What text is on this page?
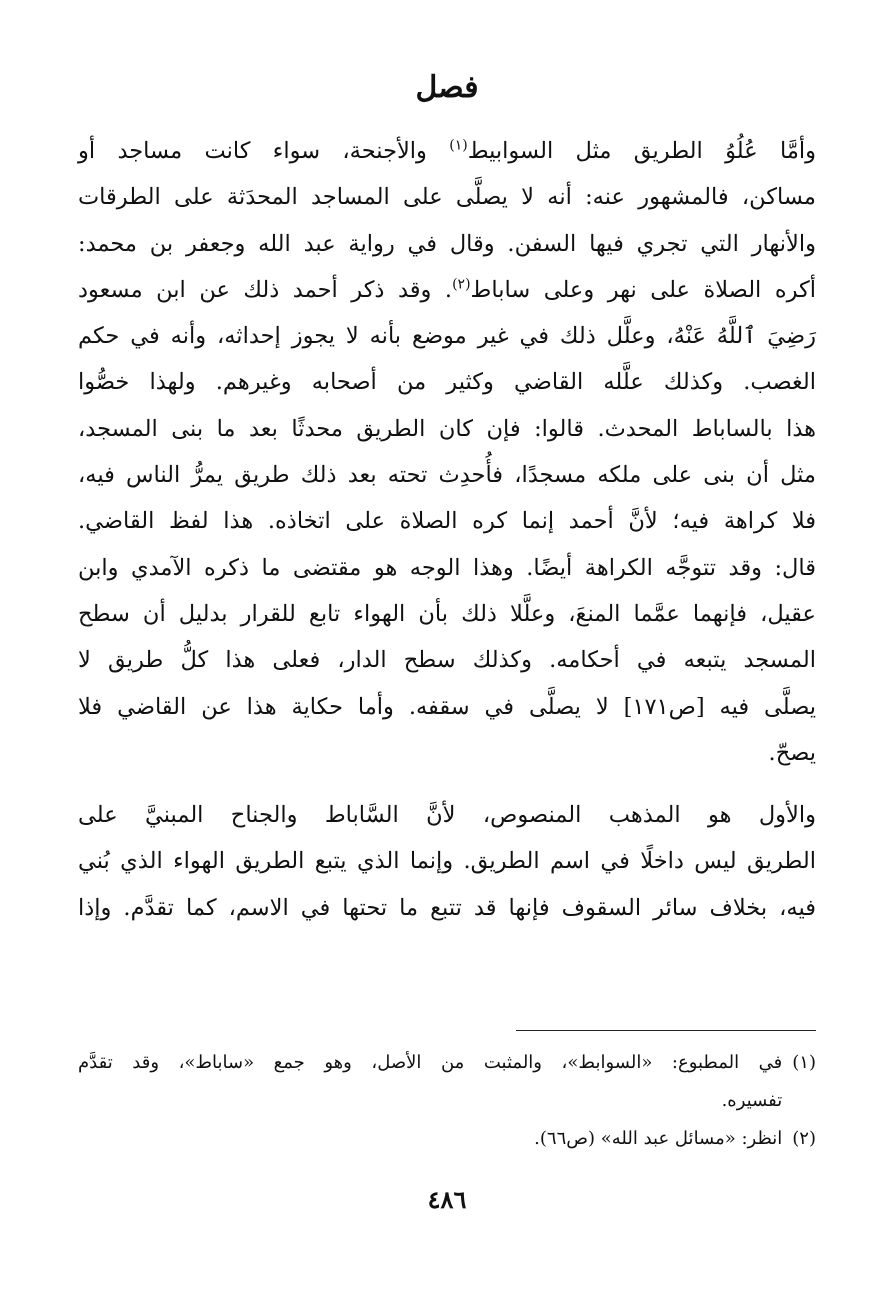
فصل
وأمَّا عُلُوُ الطريق مثل السوابيط$^{(١)}$ والأجنحة، سواء كانت مساجد أو
مساكن، فالمشهور عنه: أنه لا يصلَّى على المساجد المحدَثة على الطرقات
والأنهار التي تجري فيها السفن. وقال في رواية عبد الله وجعفر بن محمد:
أكره الصلاة على نهر وعلى ساباط$^{(٢)}$. وقد ذكر أحمد ذلك عن ابن مسعود
رَضِيَ ٱللَّهُ عَنْهُ، وعلَّل ذلك في غير موضع بأنه لا يجوز إحداثه، وأنه في حكم
الغصب. وكذلك علَّله القاضي وكثير من أصحابه وغيرهم. ولهذا خصُّوا
هذا بالساباط المحدث. قالوا: فإن كان الطريق محدثًا بعد ما بنى المسجد،
مثل أن بنى على ملكه مسجدًا، فأُحدِث تحته بعد ذلك طريق يمرُّ الناس فيه،
فلا كراهة فيه؛ لأنَّ أحمد إنما كره الصلاة على اتخاذه. هذا لفظ القاضي.
قال: وقد تتوجَّه الكراهة أيضًا. وهذا الوجه هو مقتضى ما ذكره الآمدي وابن
عقيل، فإنهما عمَّما المنعَ، وعلَّلا ذلك بأن الهواء تابع للقرار بدليل أن سطح
المسجد يتبعه في أحكامه. وكذلك سطح الدار، فعلى هذا كلُّ طريق لا
يصلَّى فيه [ص١٧١] لا يصلَّى في سقفه. وأما حكاية هذا عن القاضي فلا
يصحّ.
والأول هو المذهب المنصوص، لأنَّ السَّاباط والجناح المبنيَّ على
الطريق ليس داخلًا في اسم الطريق. وإنما الذي يتبع الطريق الهواء الذي بُني
فيه، بخلاف سائر السقوف فإنها قد تتبع ما تحتها في الاسم، كما تقدَّم. وإذا
(١)
في المطبوع: «السوابط»، والمثبت من الأصل، وهو جمع «ساباط»، وقد تقدَّم
تفسيره.
(٢)
انظر: «مسائل عبد الله» (ص٦٦).
٤٨٦
